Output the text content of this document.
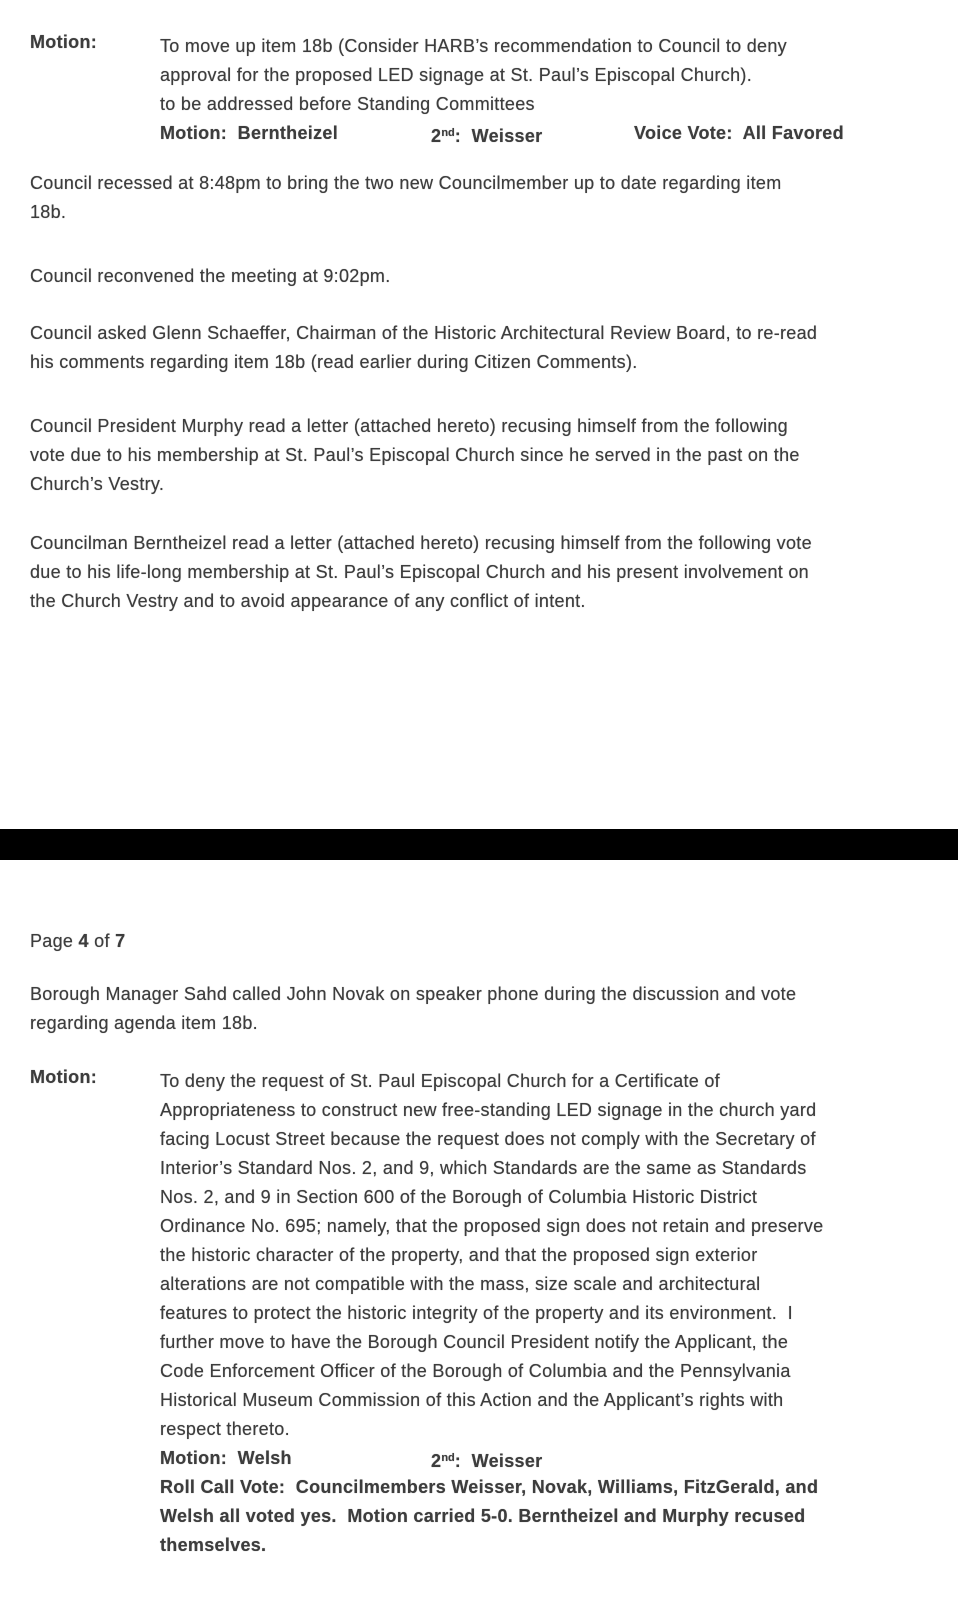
Motion:	To move up item 18b (Consider HARB’s recommendation to Council to deny
approval for the proposed LED signage at St. Paul’s Episcopal Church).
to be addressed before Standing Committees
Motion:  Berntheizel	2nd:  Weisser	Voice Vote:  All Favored
Council recessed at 8:48pm to bring the two new Councilmember up to date regarding item
18b.
Council reconvened the meeting at 9:02pm.
Council asked Glenn Schaeffer, Chairman of the Historic Architectural Review Board, to re-read
his comments regarding item 18b (read earlier during Citizen Comments).
Council President Murphy read a letter (attached hereto) recusing himself from the following
vote due to his membership at St. Paul’s Episcopal Church since he served in the past on the
Church’s Vestry.
Councilman Berntheizel read a letter (attached hereto) recusing himself from the following vote
due to his life-long membership at St. Paul’s Episcopal Church and his present involvement on
the Church Vestry and to avoid appearance of any conflict of intent.
Page 4 of 7
Borough Manager Sahd called John Novak on speaker phone during the discussion and vote
regarding agenda item 18b.
Motion:	To deny the request of St. Paul Episcopal Church for a Certificate of
Appropriateness to construct new free-standing LED signage in the church yard
facing Locust Street because the request does not comply with the Secretary of
Interior’s Standard Nos. 2, and 9, which Standards are the same as Standards
Nos. 2, and 9 in Section 600 of the Borough of Columbia Historic District
Ordinance No. 695; namely, that the proposed sign does not retain and preserve
the historic character of the property, and that the proposed sign exterior
alterations are not compatible with the mass, size scale and architectural
features to protect the historic integrity of the property and its environment.  I
further move to have the Borough Council President notify the Applicant, the
Code Enforcement Officer of the Borough of Columbia and the Pennsylvania
Historical Museum Commission of this Action and the Applicant’s rights with
respect thereto.
Motion:  Welsh	2nd:  Weisser
Roll Call Vote:  Councilmembers Weisser, Novak, Williams, FitzGerald, and
Welsh all voted yes.  Motion carried 5-0. Berntheizel and Murphy recused
themselves.
